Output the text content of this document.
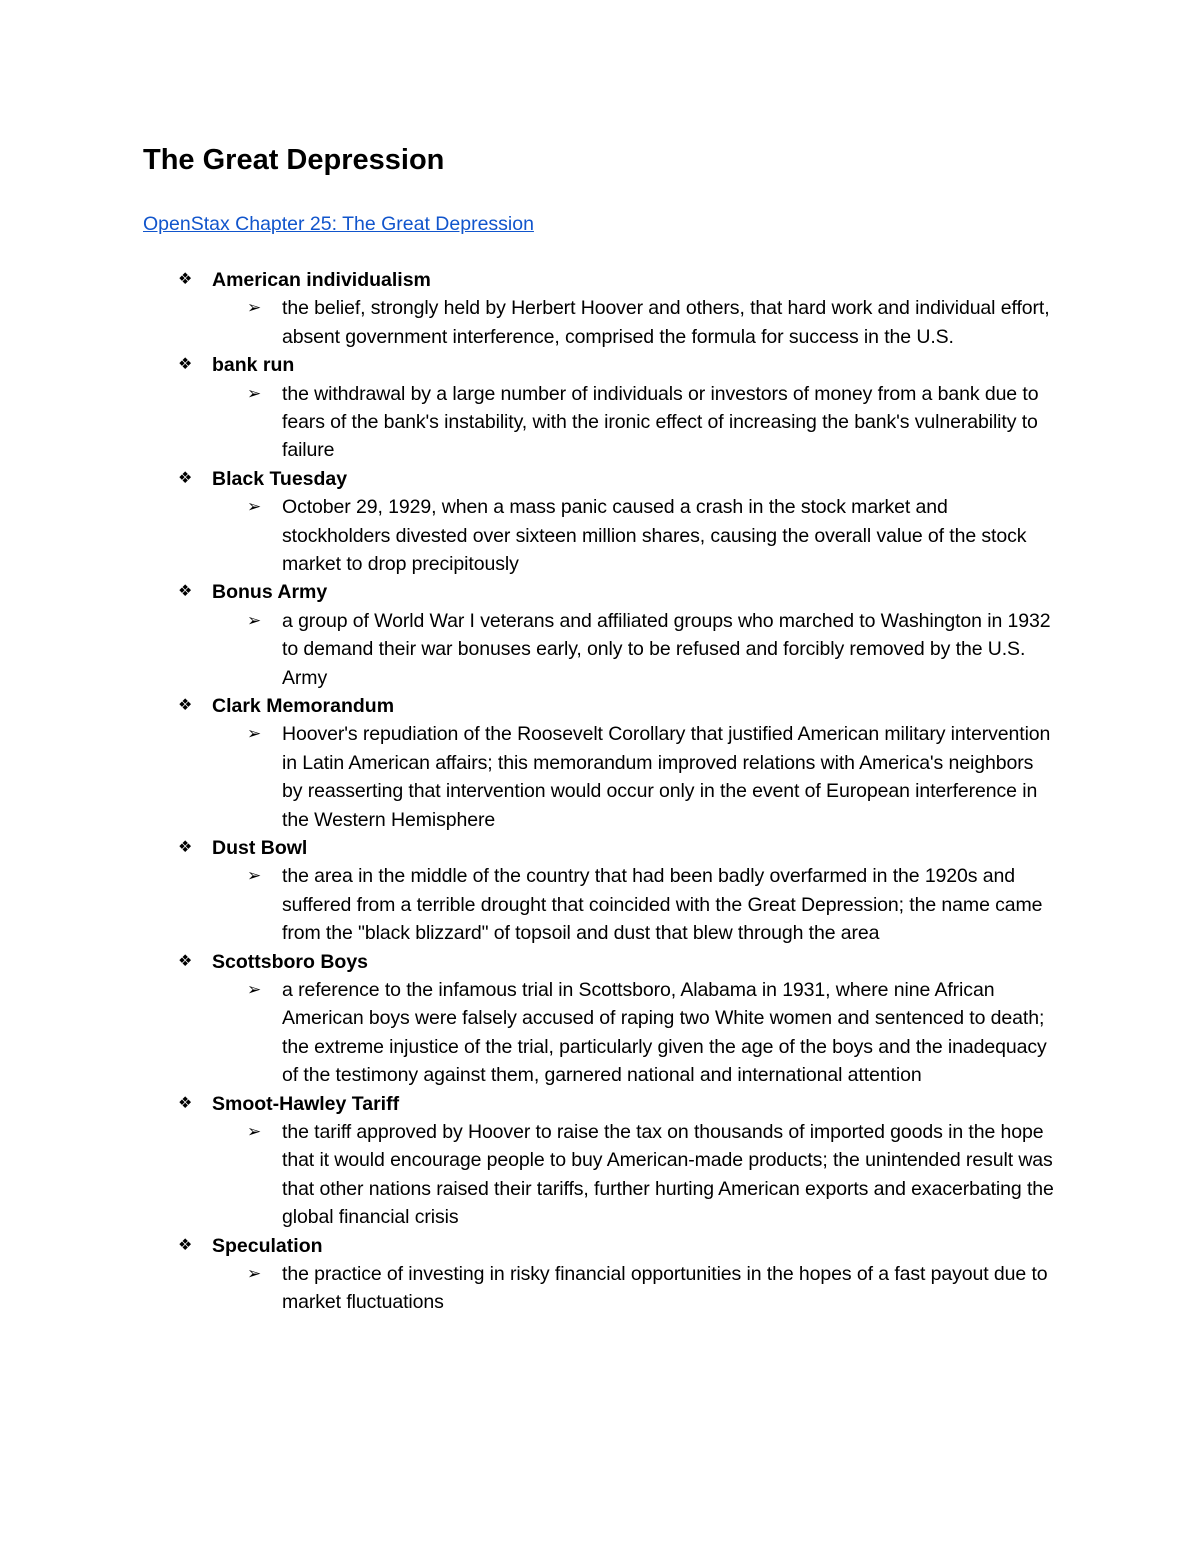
The Great Depression
OpenStax Chapter 25: The Great Depression
❖ American individualism
➢ the belief, strongly held by Herbert Hoover and others, that hard work and individual effort, absent government interference, comprised the formula for success in the U.S.
❖ bank run
➢ the withdrawal by a large number of individuals or investors of money from a bank due to fears of the bank's instability, with the ironic effect of increasing the bank's vulnerability to failure
❖ Black Tuesday
➢ October 29, 1929, when a mass panic caused a crash in the stock market and stockholders divested over sixteen million shares, causing the overall value of the stock market to drop precipitously
❖ Bonus Army
➢ a group of World War I veterans and affiliated groups who marched to Washington in 1932 to demand their war bonuses early, only to be refused and forcibly removed by the U.S. Army
❖ Clark Memorandum
➢ Hoover's repudiation of the Roosevelt Corollary that justified American military intervention in Latin American affairs; this memorandum improved relations with America's neighbors by reasserting that intervention would occur only in the event of European interference in the Western Hemisphere
❖ Dust Bowl
➢ the area in the middle of the country that had been badly overfarmed in the 1920s and suffered from a terrible drought that coincided with the Great Depression; the name came from the "black blizzard" of topsoil and dust that blew through the area
❖ Scottsboro Boys
➢ a reference to the infamous trial in Scottsboro, Alabama in 1931, where nine African American boys were falsely accused of raping two White women and sentenced to death; the extreme injustice of the trial, particularly given the age of the boys and the inadequacy of the testimony against them, garnered national and international attention
❖ Smoot-Hawley Tariff
➢ the tariff approved by Hoover to raise the tax on thousands of imported goods in the hope that it would encourage people to buy American-made products; the unintended result was that other nations raised their tariffs, further hurting American exports and exacerbating the global financial crisis
❖ Speculation
➢ the practice of investing in risky financial opportunities in the hopes of a fast payout due to market fluctuations
